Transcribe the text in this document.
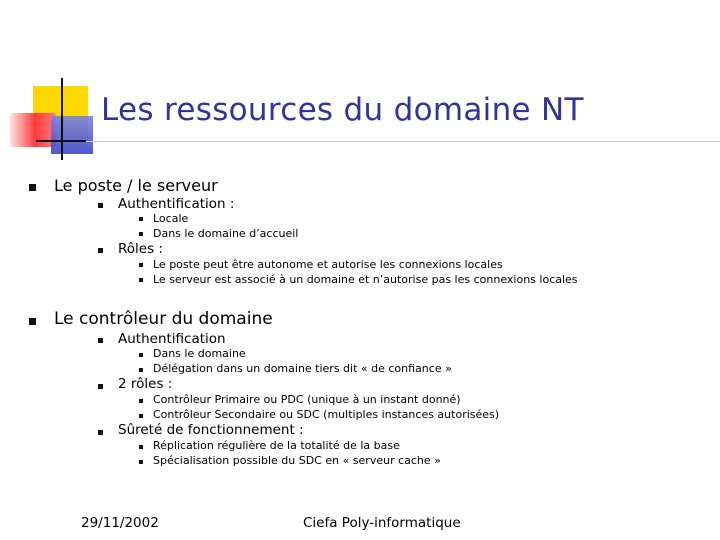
Les ressources du domaine NT
Le poste / le serveur
Authentification :
Locale
Dans le domaine d’accueil
Rôles :
Le poste peut être autonome et autorise les connexions locales
Le serveur est associé à un domaine et n’autorise pas les connexions locales
Le contrôleur du domaine
Authentification
Dans le domaine
Délégation dans un domaine tiers dit « de confiance »
2 rôles :
Contrôleur Primaire ou PDC (unique à un instant donné)
Contrôleur Secondaire ou SDC (multiples instances autorisées)
Sûreté de fonctionnement :
Réplication régulière de la totalité de la base
Spécialisation possible du SDC en « serveur cache »
29/11/2002	Ciefa Poly-informatique
